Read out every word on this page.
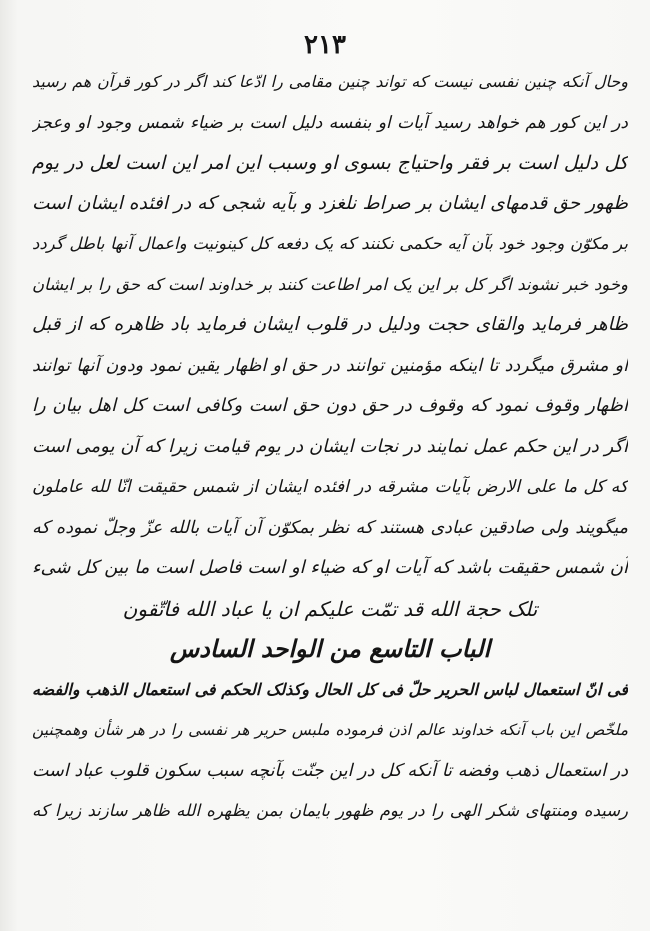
۲۱۳
وحال آنکه چنین نفسی نیست که تواند چنین مقامی را ادّعا کند اگر در کور قرآن هم رسید
در این کور هم خواهد رسید آیات او بنفسه دلیل است بر ضیاء شمس وجود او وعجز
کل دلیل است بر فقر واحتیاج بسوی او وسبب این امر این است لعل در یوم
ظهور حق قدمهای ایشان بر صراط نلغزد و بآیه شجی که در افئده ایشان است
بر مکوّن وجود خود بآن آیه حکمی نکنند که یک دفعه کل کینونیت واعمال آنها باطل گردد
وخود خبر نشوند اگر کل بر این یک امر اطاعت کنند بر خداوند است که حق را بر ایشان
ظاهر فرماید والقای حجت ودلیل در قلوب ایشان فرماید باد ظاهره که از قبل
او مشرق میگردد تا اینکه مؤمنین توانند در حق او اظهار یقین نمود ودون آنها توانند
اظهار وقوف نمود که وقوف در حق دون حق است وکافی است کل اهل بیان را
اگر در این حکم عمل نمایند در نجات ایشان در یوم قیامت زیرا که آن یومی است
که کل ما علی الارض بآیات مشرقه در افئده ایشان از شمس حقیقت انّا لله عاملون
میگویند ولی صادقین عبادی هستند که نظر بمکوّن آن آیات بالله عزّ وجلّ نموده که
آن شمس حقیقت باشد که آیات او که ضیاء او است فاصل است ما بین کل شیء
تلک حجة الله قد تمّت علیکم ان یا عباد الله فاتّقون
الباب التاسع من الواحد السادس
فی انّ استعمال لباس الحریر حلّ فی کل الحال وکذلک الحکم فی استعمال الذهب والفضه
ملخّص این باب آنکه خداوند عالم اذن فرموده ملبس حریر هر نفسی را در هر شأن وهمچنین
در استعمال ذهب وفضه تا آنکه کل در این جنّت بآنچه سبب سکون قلوب عباد است
رسیده ومنتهای شکر الهی را در یوم ظهور بایمان بمن یظهره الله ظاهر سازند زیرا که
